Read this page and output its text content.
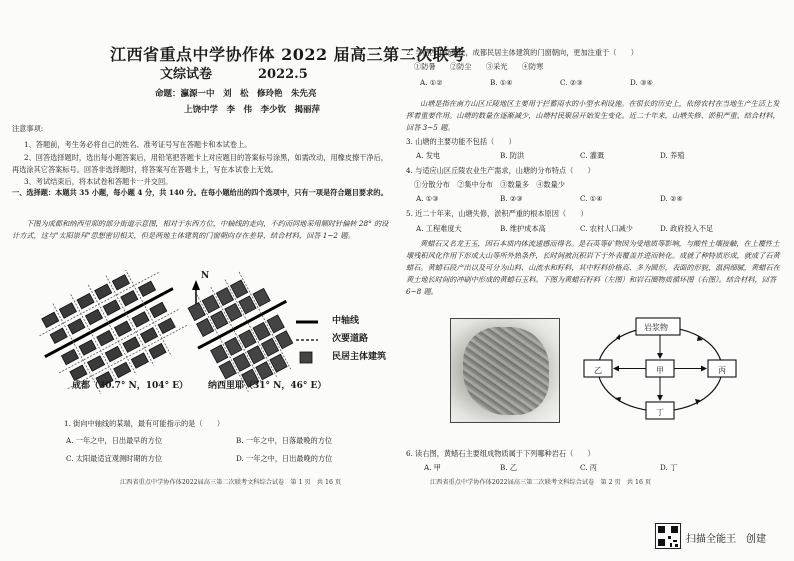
江西省重点中学协作体 2022 届高三第二次联考
文综试卷	2022.5
命题：瀛源一中　刘　松　修玲艳　朱先亮
上饶中学　李　伟　李少钦　揭丽萍
注意事项:
1、答题前，考生务必将自己的姓名、准考证号写在答题卡和本试卷上。
2、回答选择题时，选出每小题答案后，用铅笔把答题卡上对应题目的答案标号涂黑，如需改动，用橡皮擦干净后，再选涂其它答案标号。回答非选择题时，将答案写在答题卡上，写在本试卷上无效。
3、考试结束后，将本试卷和答题卡一并交回。
一、选择题：本题共 35 小题，每小题 4 分，共 140 分。在每小题给出的四个选项中，只有一项是符合题目要求的。
下图为成都和纳西里耶的部分街道示意图，相对于东西方位，中轴线的走向，不约而同地采用顺时针偏转 28° 的设计方式，这与"太阳崇拜"思想密切相关，但是两地主体建筑的门窗朝向存在差异，结合材料，回答 1~2 题。
中轴线
次要道路
民居主体建筑
N
成都（30.7° N，104° E） 纳西里耶（31° N，46° E）
1. 街向中轴线的某端，最有可能指示的是（　　）
A. 一年之中，日出最早的方位	B. 一年之中，日落最晚的方位
C. 太阳最适宜观测时期的方位	D. 一年之中，日出最晚的方位
江西省重点中学协作体2022届高三第二次联考文科综合试卷　第 1 页　共 16 页
2. 与纳西里耶相比，成都民居主体建筑的门窗朝向，更加注重于（　　）
①防暑　　②防尘　　③采光　　④防寒
A. ①②	B. ①④	C. ②③	D. ③④
山塘是指在南方山区丘陵地区主要用于拦蓄雨水的小型水利设施。在很长的历史上，依傍农村在当地生产生活上发挥着重要作用。山塘的数量在逐渐减少，山塘村民聚居开始发生变化。近二十年来，山塘失修、淤积严重、结合材料，回答 3~5 题。
3. 山塘的主要功能不包括（　　）
A. 发电	B. 防洪	C. 灌溉	D. 养殖
4. 与适应山区丘陵农业生产需求，山塘的分布特点（　　）
①分散分布　②集中分布　③数量多　④数量少
A. ①③	B. ②③	C. ①④	D. ②④
5. 近二十年来，山塘失修，淤积严重的根本原因（　　）
A. 工程难度大	B. 维护成本高	C. 农村人口减少	D. 政府投入不足
黄蜡石又名龙王玉，因石本质内体流速感而得名。是石英等矿物因为受地质等影响，与酸性土壤接触，在上覆性土壤残积风化作用下形成大山等所外热条件，长时间被沉积岩下于外表覆盖并进而转化。成就了种特质形成，就成了石黄蜡石。黄蜡石段产出以及可分为山料、山流水和籽料，其中籽料价格高、多为圆形，表面的形貌、温润细腻，黄蜡石在黄土地长时间的冲刷中形成的黄蜡石玉料。下图为黄蜡石籽料（左图）和岩石圈物质循环图（右图）。结合材料，回答 6~8 题。
岩浆物
乙	甲	丙
丁
6. 读右图，黄蜡石主要组成物质属于下列哪种岩石（　　）
A. 甲	B. 乙	C. 丙	D. 丁
江西省重点中学协作体2022届高三第二次联考文科综合试卷　第 2 页　共 16 页
扫描全能王　创建
